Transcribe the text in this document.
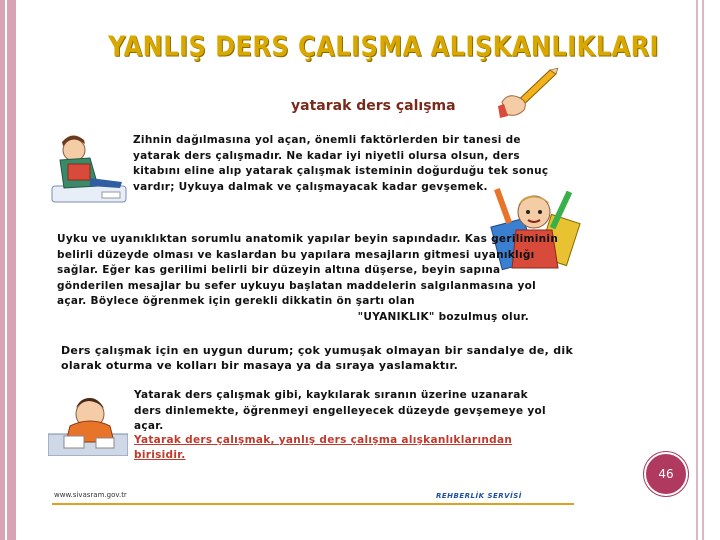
YANLIŞ DERS ÇALIŞMA ALIŞKANLIKLARI
yatarak ders çalışma

Zihnin dağılmasına yol açan, önemli faktörlerden bir tanesi de yatarak ders çalışmadır. Ne kadar iyi niyetli olursa olsun, ders kitabını eline alıp yatarak çalışmak isteminin doğurduğu tek sonuç vardır; Uykuya dalmak ve çalışmayacak kadar gevşemek.

Uyku ve uyanıklıktan sorumlu anatomik yapılar beyin sapındadır. Kas geriliminin belirli düzeyde olması ve kaslardan bu yapılara mesajların gitmesi uyanıklığı sağlar. Eğer kas gerilimi belirli bir düzeyin altına düşerse, beyin sapına gönderilen mesajlar bu sefer uykuyu başlatan maddelerin salgılanmasına yol açar. Böylece öğrenmek için gerekli dikkatin ön şartı olan
"UYANIKLIK" bozulmuş olur.

Ders çalışmak için en uygun durum; çok yumuşak olmayan bir sandalye de, dik olarak oturma ve kolları bir masaya ya da sıraya yaslamaktır.

Yatarak ders çalışmak gibi, kaykılarak sıranın üzerine uzanarak ders dinlemekte, öğrenmeyi engelleyecek düzeyde gevşemeye yol açar.

Yatarak ders çalışmak, yanlış ders çalışma alışkanlıklarından birisidir.

www.sivasram.gov.tr	REHBERLİK SERVİSİ
46
